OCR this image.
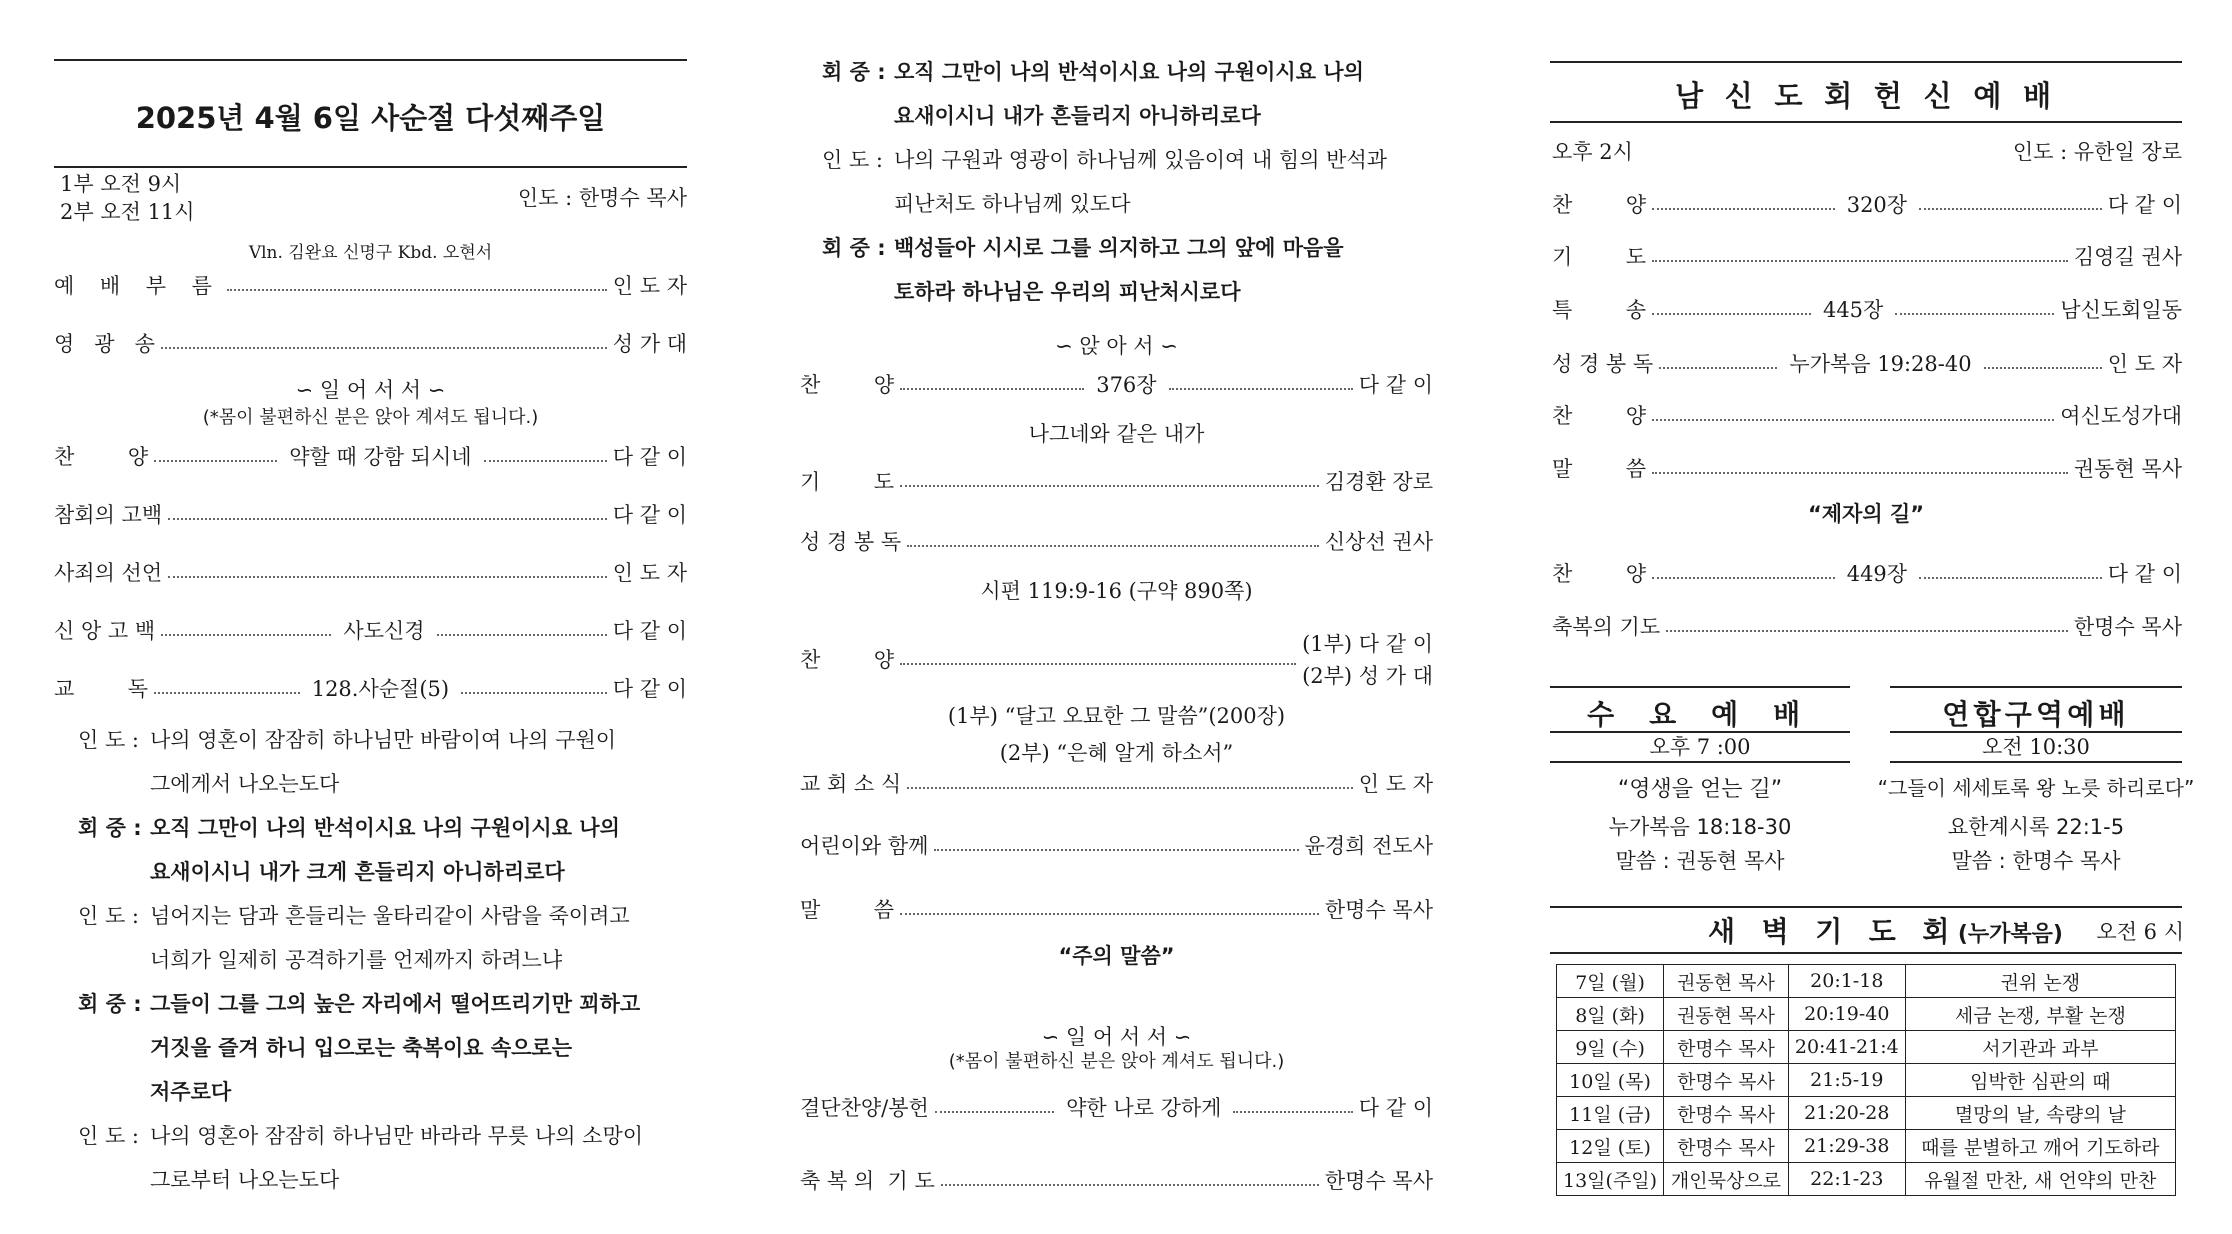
2025년 4월 6일 사순절 다섯째주일
1부 오전 9시
2부 오전 11시
인도 : 한명수 목사
Vln. 김완요 신명구 Kbd. 오현서
예 배 부 름	인 도 자
영   광   송	성 가 대
∽ 일 어 서 서 ∽
(*몸이 불편하신 분은 앉아 계셔도 됩니다.)
찬        양	약할 때 강함 되시네	다 같 이
참회의 고백	다 같 이
사죄의 선언	인 도 자
신 앙 고 백	사도신경	다 같 이
교        독	128.사순절(5)	다 같 이
인 도 : 나의 영혼이 잠잠히 하나님만 바람이여 나의 구원이
그에게서 나오는도다
회 중 : 오직 그만이 나의 반석이시요 나의 구원이시요 나의
요새이시니 내가 크게 흔들리지 아니하리로다
인 도 : 넘어지는 담과 흔들리는 울타리같이 사람을 죽이려고
너희가 일제히 공격하기를 언제까지 하려느냐
회 중 : 그들이 그를 그의 높은 자리에서 떨어뜨리기만 꾀하고
거짓을 즐겨 하니 입으로는 축복이요 속으로는
저주로다
인 도 : 나의 영혼아 잠잠히 하나님만 바라라 무릇 나의 소망이
그로부터 나오는도다
회 중 : 오직 그만이 나의 반석이시요 나의 구원이시요 나의
요새이시니 내가 흔들리지 아니하리로다
인 도 : 나의 구원과 영광이 하나님께 있음이여 내 힘의 반석과
피난처도 하나님께 있도다
회 중 : 백성들아 시시로 그를 의지하고 그의 앞에 마음을
토하라 하나님은 우리의 피난처시로다
∽ 앉 아 서 ∽
찬        양	376장	다 같 이
나그네와 같은 내가
기        도	김경환 장로
성 경 봉 독	신상선 권사
시편 119:9-16 (구약 890쪽)
찬        양
(1부) 다 같 이
(2부) 성 가 대
(1부) “달고 오묘한 그 말씀”(200장)
(2부) “은혜 알게 하소서”
교 회 소 식	인 도 자
어린이와 함께	윤경희 전도사
말        씀	한명수 목사
“주의 말씀”
∽ 일 어 서 서 ∽
(*몸이 불편하신 분은 앉아 계셔도 됩니다.)
결단찬양/봉헌	약한 나로 강하게	다 같 이
축 복 의  기 도	한명수 목사
남 신 도 회 헌 신 예 배
오후 2시	인도 : 유한일 장로
찬        양	320장	다 같 이
기        도	김영길 권사
특        송	445장	남신도회일동
성 경 봉 독	누가복음 19:28-40	인 도 자
찬        양	여신도성가대
말        씀	권동현 목사
“제자의 길”
찬        양	449장	다 같 이
축복의 기도	한명수 목사
수 요 예 배
오후 7 :00
“영생을 얻는 길”
누가복음 18:18-30
말씀 : 권동현 목사
연합구역예배
오전 10:30
“그들이 세세토록 왕 노릇 하리로다”
요한계시록 22:1-5
말씀 : 한명수 목사
새 벽 기 도 회(누가복음) 오전 6 시
7일 (월)	권동현 목사	20:1-18	권위 논쟁
8일 (화)	권동현 목사	20:19-40	세금 논쟁, 부활 논쟁
9일 (수)	한명수 목사	20:41-21:4	서기관과 과부
10일 (목)	한명수 목사	21:5-19	임박한 심판의 때
11일 (금)	한명수 목사	21:20-28	멸망의 날, 속량의 날
12일 (토)	한명수 목사	21:29-38	때를 분별하고 깨어 기도하라
13일(주일)	개인묵상으로	22:1-23	유월절 만찬, 새 언약의 만찬
